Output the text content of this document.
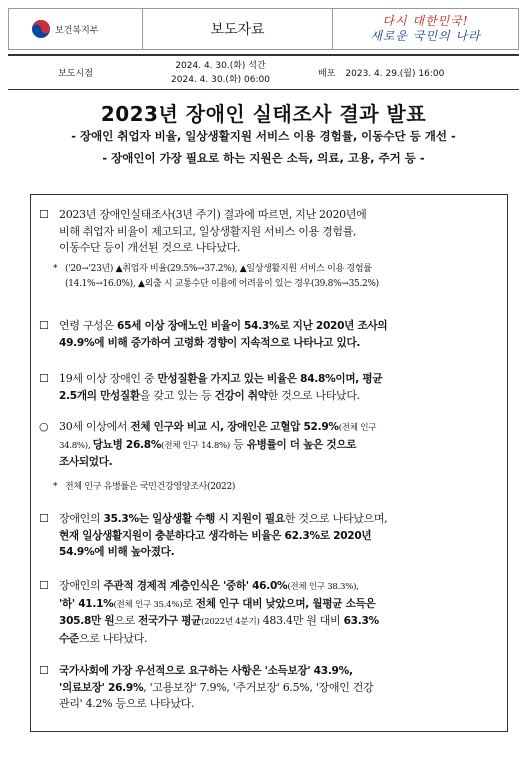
보건복지부	보도자료
다시 대한민국!
새로운 국민의 나라
보도시점
2024. 4. 30.(화) 석간
2024. 4. 30.(화) 06:00
배포 2023. 4. 29.(월) 16:00
2023년 장애인 실태조사 결과 발표
- 장애인 취업자 비율, 일상생활지원 서비스 이용 경험률, 이동수단 등 개선 -
- 장애인이 가장 필요로 하는 지원은 소득, 의료, 고용, 주거 등 -
☐ 2023년 장애인실태조사(3년 주기) 결과에 따르면, 지난 2020년에
비해 취업자 비율이 제고되고, 일상생활지원 서비스 이용 경험률,
이동수단 등이 개선된 것으로 나타났다.
* ('20→'23년) ▲취업자 비율(29.5%→37.2%), ▲일상생활지원 서비스 이용 경험률
(14.1%→16.0%), ▲외출 시 교통수단 이용에 어려움이 있는 경우(39.8%→35.2%)
☐ 연령 구성은 65세 이상 장애노인 비율이 54.3%로 지난 2020년 조사의
49.9%에 비해 증가하여 고령화 경향이 지속적으로 나타나고 있다.
☐ 19세 이상 장애인 중 만성질환을 가지고 있는 비율은 84.8%이며, 평균
2.5개의 만성질환을 갖고 있는 등 건강이 취약한 것으로 나타났다.
○ 30세 이상에서 전체 인구와 비교 시, 장애인은 고혈압 52.9%(전체 인구
34.8%), 당뇨병 26.8%(전체 인구 14.8%) 등 유병률이 더 높은 것으로
조사되었다.
* 전체 인구 유병률은 국민건강영양조사(2022)
☐ 장애인의 35.3%는 일상생활 수행 시 지원이 필요한 것으로 나타났으며,
현재 일상생활지원이 충분하다고 생각하는 비율은 62.3%로 2020년
54.9%에 비해 높아졌다.
☐ 장애인의 주관적 경제적 계층인식은 '중하' 46.0%(전체 인구 38.3%),
'하' 41.1%(전체 인구 35.4%)로 전체 인구 대비 낮았으며, 월평균 소득은
305.8만 원으로 전국가구 평균(2022년 4분기) 483.4만 원 대비 63.3%
수준으로 나타났다.
☐ 국가사회에 가장 우선적으로 요구하는 사항은 '소득보장' 43.9%,
'의료보장' 26.9%, '고용보장' 7.9%, '주거보장' 6.5%, '장애인 건강
관리' 4.2% 등으로 나타났다.
